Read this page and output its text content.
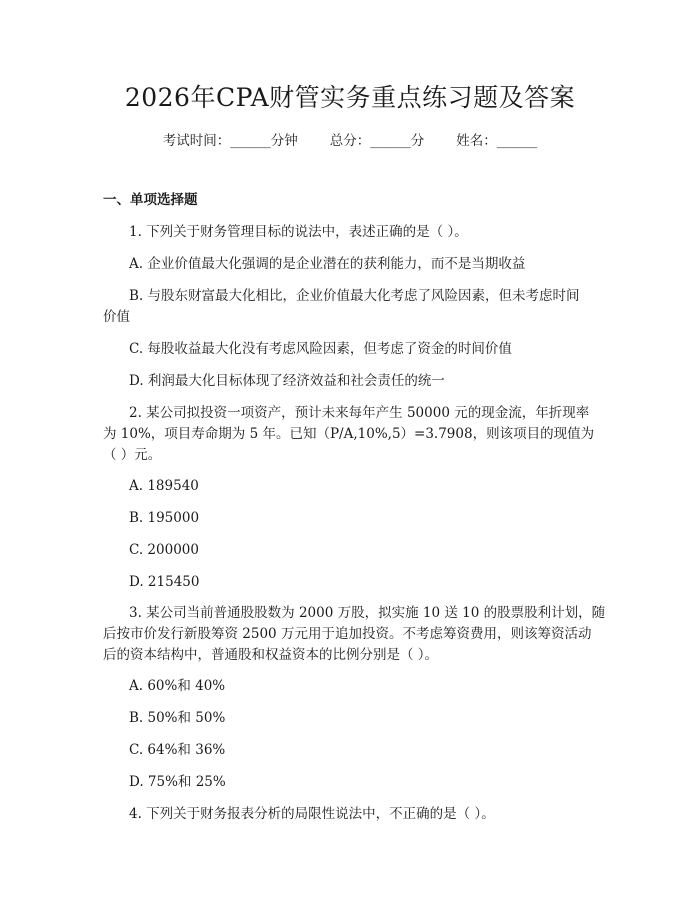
2026年CPA财管实务重点练习题及答案
考试时间：______分钟 总分：______分 姓名：______
一、单项选择题
1. 下列关于财务管理目标的说法中，表述正确的是（ ）。
A. 企业价值最大化强调的是企业潜在的获利能力，而不是当期收益
B. 与股东财富最大化相比，企业价值最大化考虑了风险因素，但未考虑时间
价值
C. 每股收益最大化没有考虑风险因素，但考虑了资金的时间价值
D. 利润最大化目标体现了经济效益和社会责任的统一
2. 某公司拟投资一项资产，预计未来每年产生 50000 元的现金流，年折现率
为 10%，项目寿命期为 5 年。已知（P/A,10%,5）=3.7908，则该项目的现值为
（ ）元。
A. 189540
B. 195000
C. 200000
D. 215450
3. 某公司当前普通股股数为 2000 万股，拟实施 10 送 10 的股票股利计划，随
后按市价发行新股筹资 2500 万元用于追加投资。不考虑筹资费用，则该筹资活动
后的资本结构中，普通股和权益资本的比例分别是（ ）。
A. 60%和 40%
B. 50%和 50%
C. 64%和 36%
D. 75%和 25%
4. 下列关于财务报表分析的局限性说法中，不正确的是（ ）。
